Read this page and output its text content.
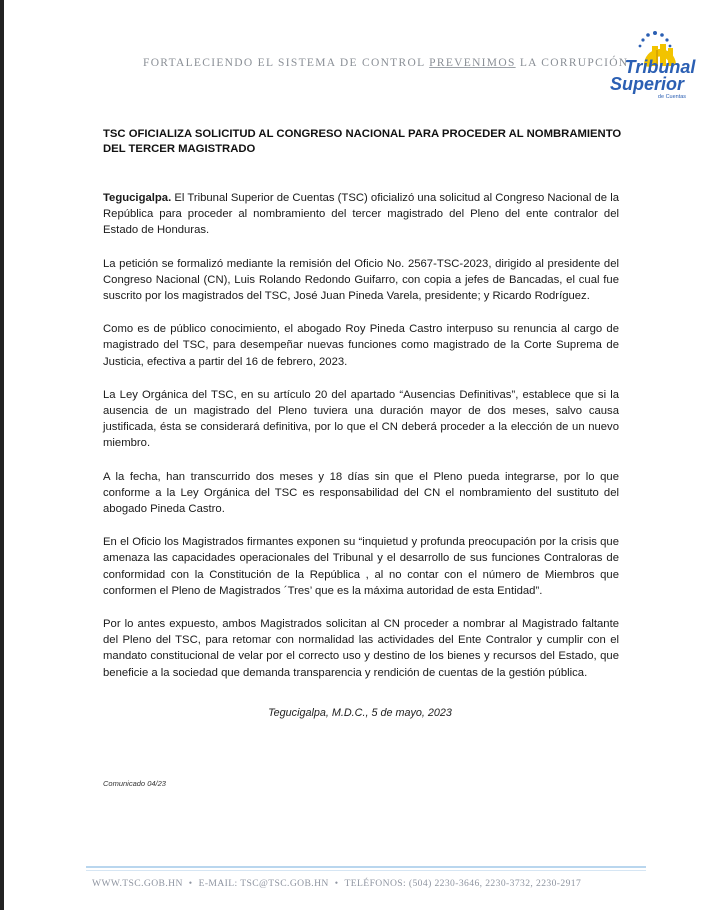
FORTALECIENDO EL SISTEMA DE CONTROL PREVENIMOS LA CORRUPCIÓN
Tribunal
Superior
de Cuentas
TSC OFICIALIZA SOLICITUD AL CONGRESO NACIONAL PARA PROCEDER AL NOMBRAMIENTO DEL TERCER MAGISTRADO

Tegucigalpa. El Tribunal Superior de Cuentas (TSC) oficializó una solicitud al Congreso Nacional de la República para proceder al nombramiento del tercer magistrado del Pleno del ente contralor del Estado de Honduras.

La petición se formalizó mediante la remisión del Oficio No. 2567-TSC-2023, dirigido al presidente del Congreso Nacional (CN), Luis Rolando Redondo Guifarro, con copia a jefes de Bancadas, el cual fue suscrito por los magistrados del TSC, José Juan Pineda Varela, presidente; y Ricardo Rodríguez.

Como es de público conocimiento, el abogado Roy Pineda Castro interpuso su renuncia al cargo de magistrado del TSC, para desempeñar nuevas funciones como magistrado de la Corte Suprema de Justicia, efectiva a partir del 16 de febrero, 2023.

La Ley Orgánica del TSC, en su artículo 20 del apartado “Ausencias Definitivas”, establece que si la ausencia de un magistrado del Pleno tuviera una duración mayor de dos meses, salvo causa justificada, ésta se considerará definitiva, por lo que el CN deberá proceder a la elección de un nuevo miembro.

A la fecha, han transcurrido dos meses y 18 días sin que el Pleno pueda integrarse, por lo que conforme a la Ley Orgánica del TSC es responsabilidad del CN el nombramiento del sustituto del abogado Pineda Castro.

En el Oficio los Magistrados firmantes exponen su “inquietud y profunda preocupación por la crisis que amenaza las capacidades operacionales del Tribunal y el desarrollo de sus funciones Contraloras de conformidad con la Constitución de la República , al no contar con el número de Miembros que conformen el Pleno de Magistrados ´Tres’ que es la máxima autoridad de esta Entidad”.

Por lo antes expuesto, ambos Magistrados solicitan al CN proceder a nombrar al Magistrado faltante del Pleno del TSC, para retomar con normalidad las actividades del Ente Contralor y cumplir con el mandato constitucional de velar por el correcto uso y destino de los bienes y recursos del Estado, que beneficie a la sociedad que demanda transparencia y rendición de cuentas de la gestión pública.

Tegucigalpa, M.D.C., 5 de mayo, 2023
Comunicado 04/23
WWW.TSC.GOB.HN • E-MAIL: TSC@TSC.GOB.HN • TELÉFONOS: (504) 2230-3646, 2230-3732, 2230-2917
